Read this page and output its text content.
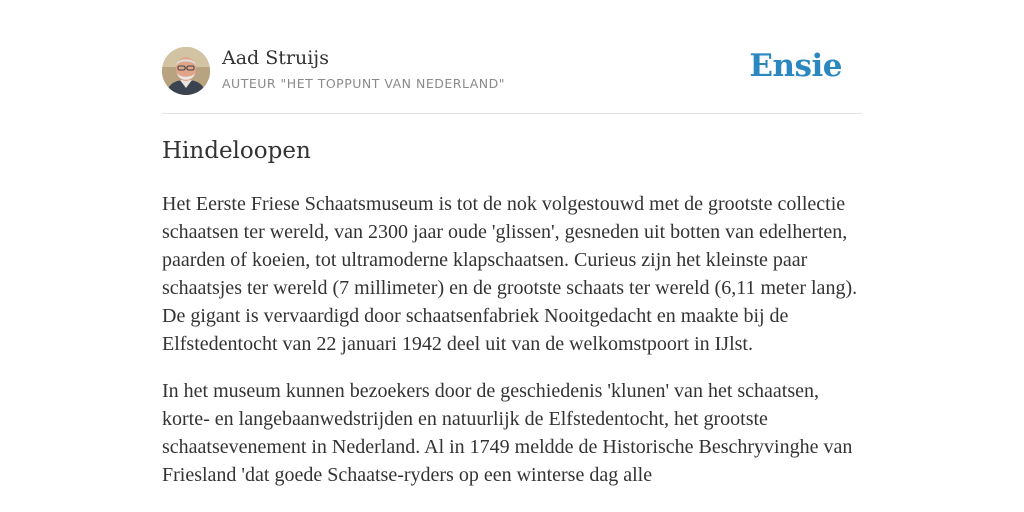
Aad Struijs
AUTEUR "HET TOPPUNT VAN NEDERLAND"	Ensie
Hindeloopen

Het Eerste Friese Schaatsmuseum is tot de nok volgestouwd met de grootste collectie schaatsen ter wereld, van 2300 jaar oude 'glissen', gesneden uit botten van edelherten, paarden of koeien, tot ultramoderne klapschaatsen. Curieus zijn het kleinste paar schaatsjes ter wereld (7 millimeter) en de grootste schaats ter wereld (6,11 meter lang). De gigant is vervaardigd door schaatsenfabriek Nooitgedacht en maakte bij de Elfstedentocht van 22 januari 1942 deel uit van de welkomstpoort in IJlst.

In het museum kunnen bezoekers door de geschiedenis 'klunen' van het schaatsen, korte- en langebaanwedstrijden en natuurlijk de Elfstedentocht, het grootste schaatsevenement in Nederland. Al in 1749 meldde de Historische Beschryvinghe van Friesland 'dat goede Schaatse-ryders op een winterse dag alle
